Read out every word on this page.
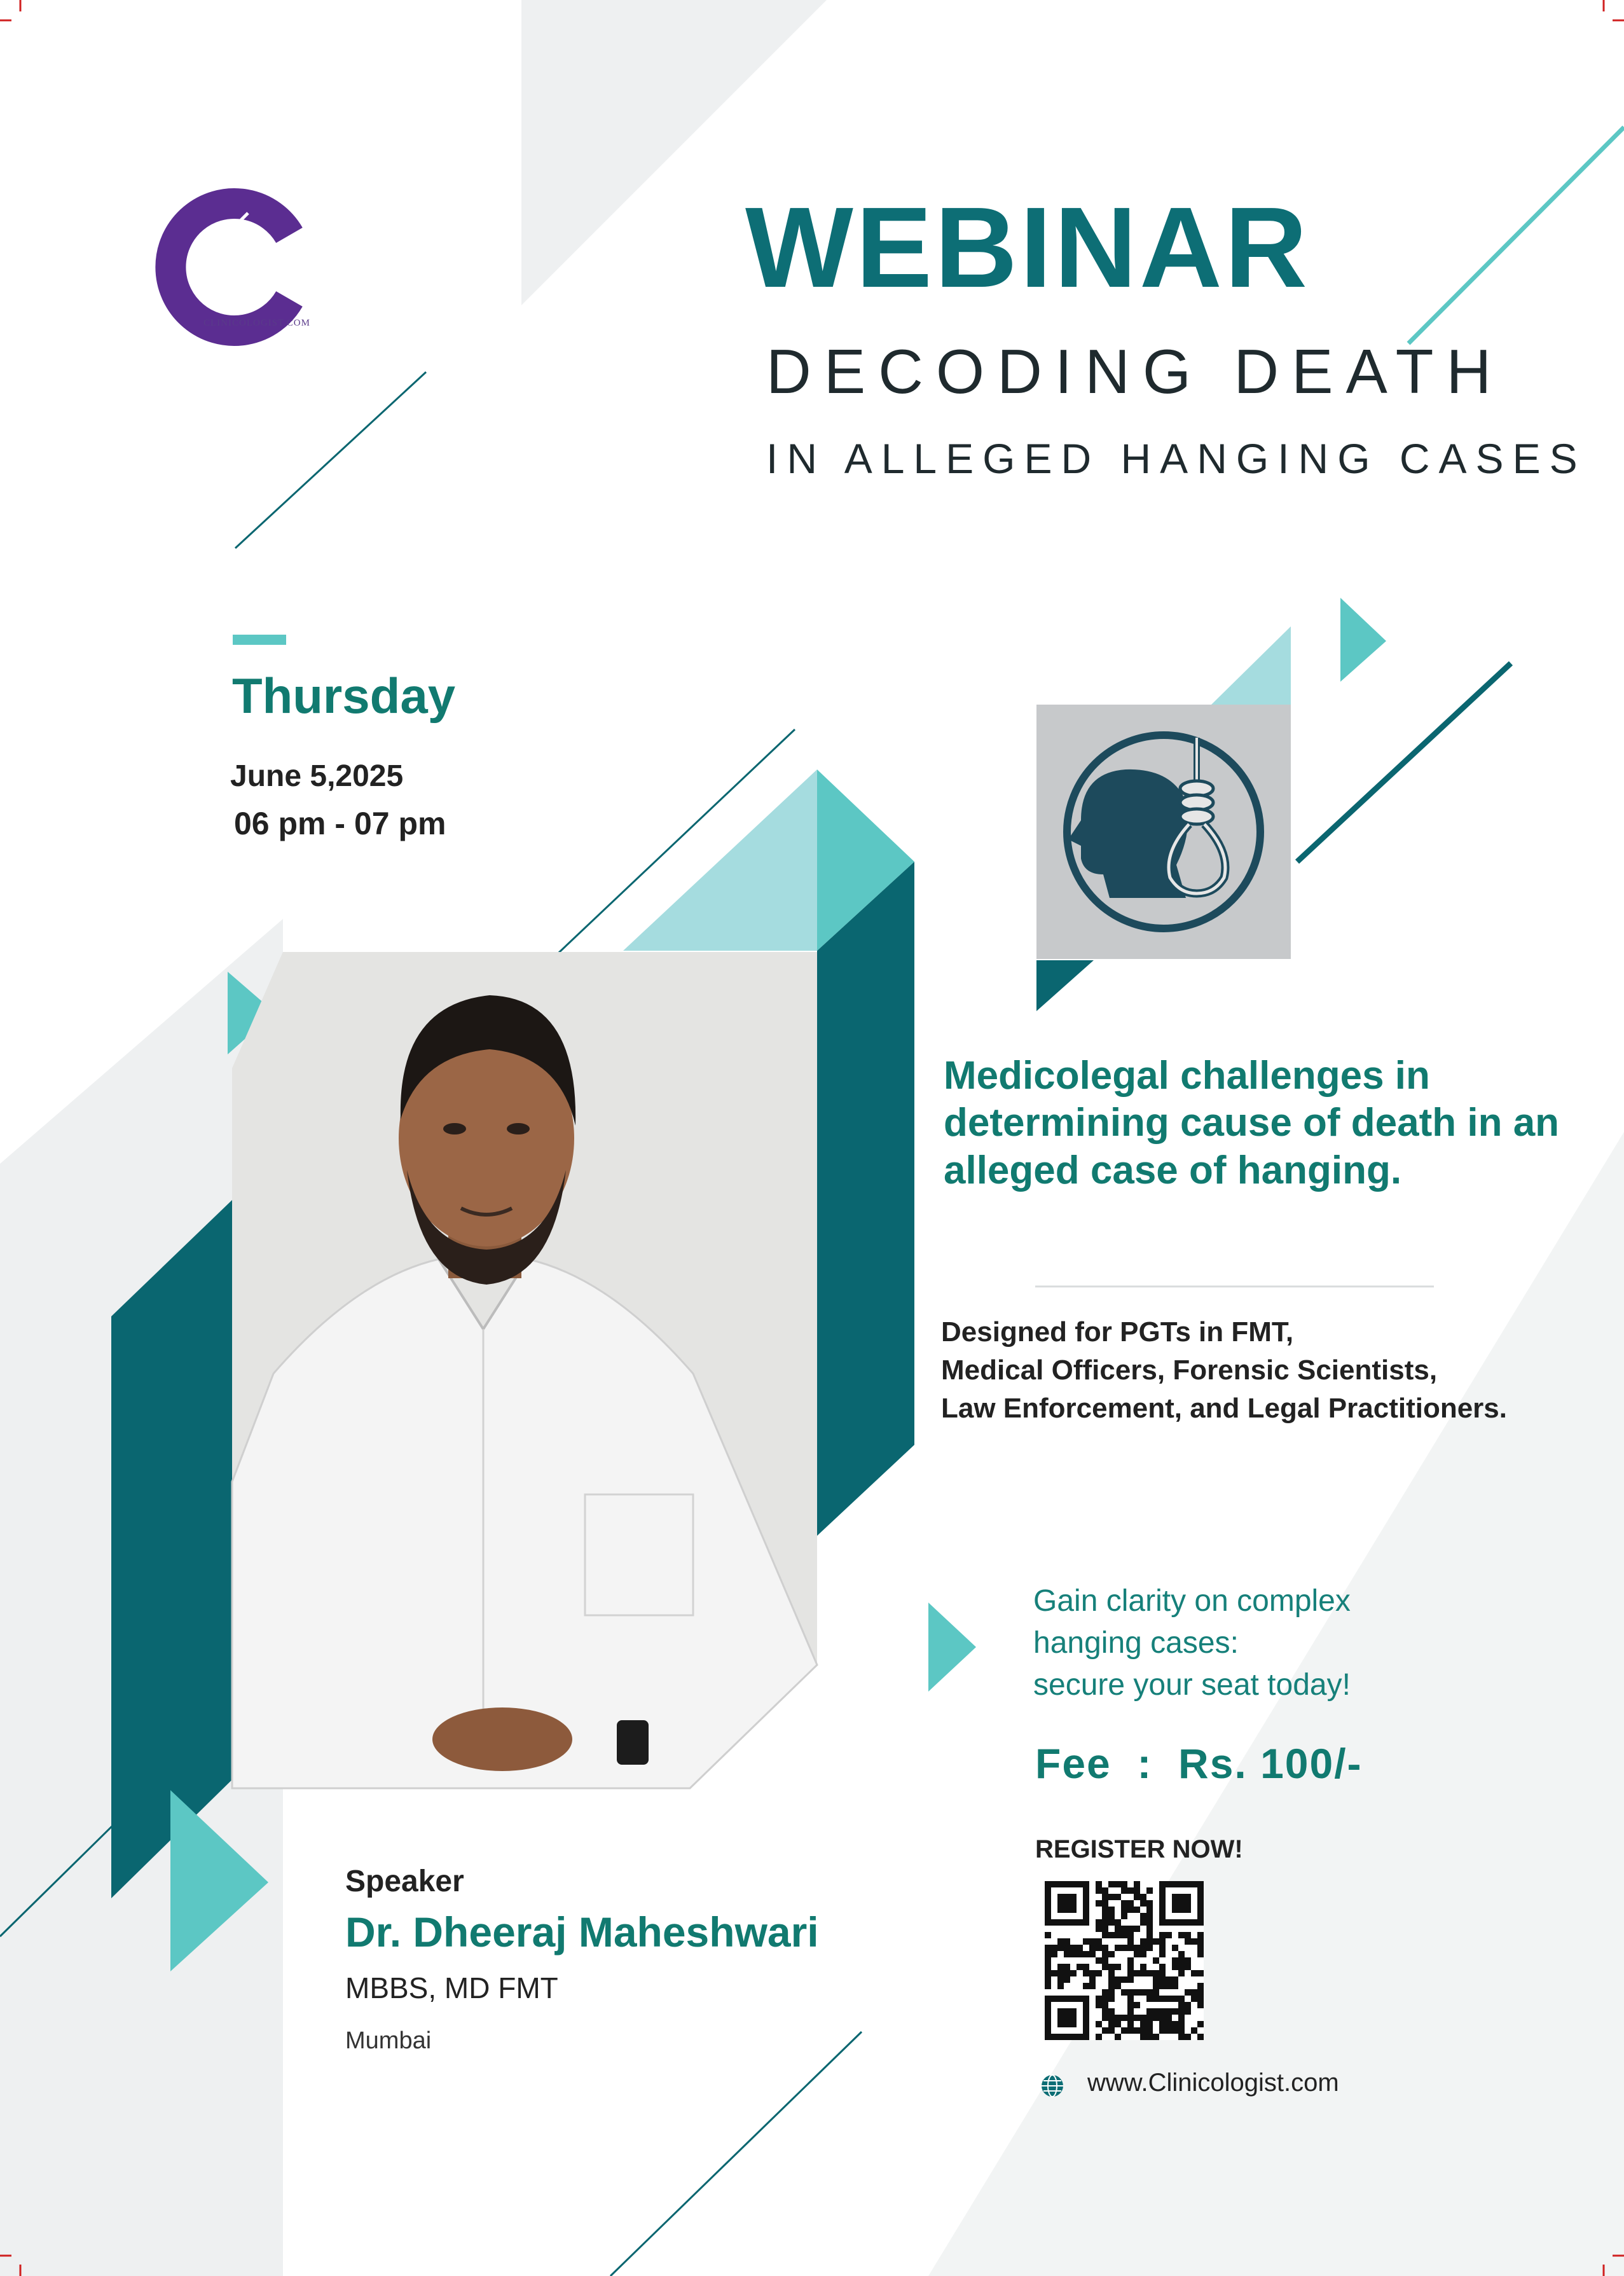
CLINICOLOGIST.COM
WEBINAR
DECODING DEATH
IN ALLEGED HANGING CASES
Thursday
June 5,2025
06 pm - 07 pm
Medicolegal challenges in determining cause of death in an alleged case of hanging.
Designed for PGTs in FMT,
Medical Officers, Forensic Scientists,
Law Enforcement, and Legal Practitioners.
Gain clarity on complex
hanging cases:
secure your seat today!
Fee  :  Rs. 100/-
REGISTER NOW!
www.Clinicologist.com
Speaker
Dr. Dheeraj Maheshwari
MBBS, MD FMT
Mumbai
